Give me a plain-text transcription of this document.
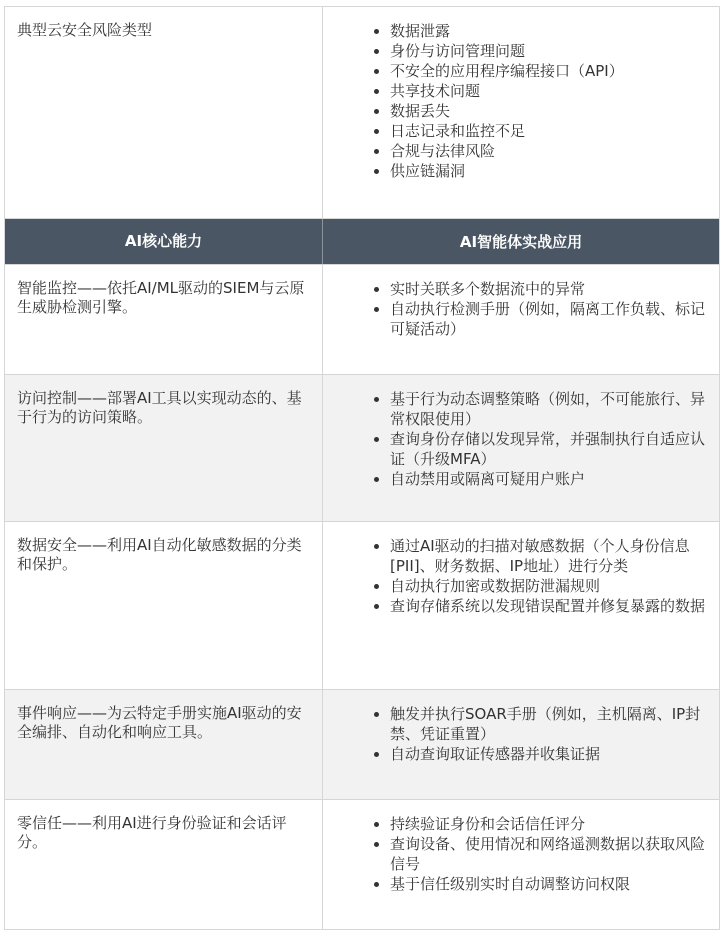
典型云安全风险类型
•	数据泄露
• 身份与访问管理问题
• 不安全的应用程序编程接口（API）
• 共享技术问题
• 数据丢失
• 日志记录和监控不足
• 合规与法律风险
• 供应链漏洞
AI核心能力	AI智能体实战应用
智能监控——依托AI/ML驱动的SIEM与云原生威胁检测引擎。
• 实时关联多个数据流中的异常
• 自动执行检测手册（例如，隔离工作负载、标记可疑活动）
访问控制——部署AI工具以实现动态的、基于行为的访问策略。
• 基于行为动态调整策略（例如，不可能旅行、异常权限使用）
• 查询身份存储以发现异常，并强制执行自适应认证（升级MFA）
• 自动禁用或隔离可疑用户账户
数据安全——利用AI自动化敏感数据的分类和保护。
• 通过AI驱动的扫描对敏感数据（个人身份信息[PII]、财务数据、IP地址）进行分类
• 自动执行加密或数据防泄漏规则
• 查询存储系统以发现错误配置并修复暴露的数据
事件响应——为云特定手册实施AI驱动的安全编排、自动化和响应工具。
• 触发并执行SOAR手册（例如，主机隔离、IP封禁、凭证重置）
• 自动查询取证传感器并收集证据
零信任——利用AI进行身份验证和会话评分。
• 持续验证身份和会话信任评分
• 查询设备、使用情况和网络遥测数据以获取风险信号
• 基于信任级别实时自动调整访问权限
